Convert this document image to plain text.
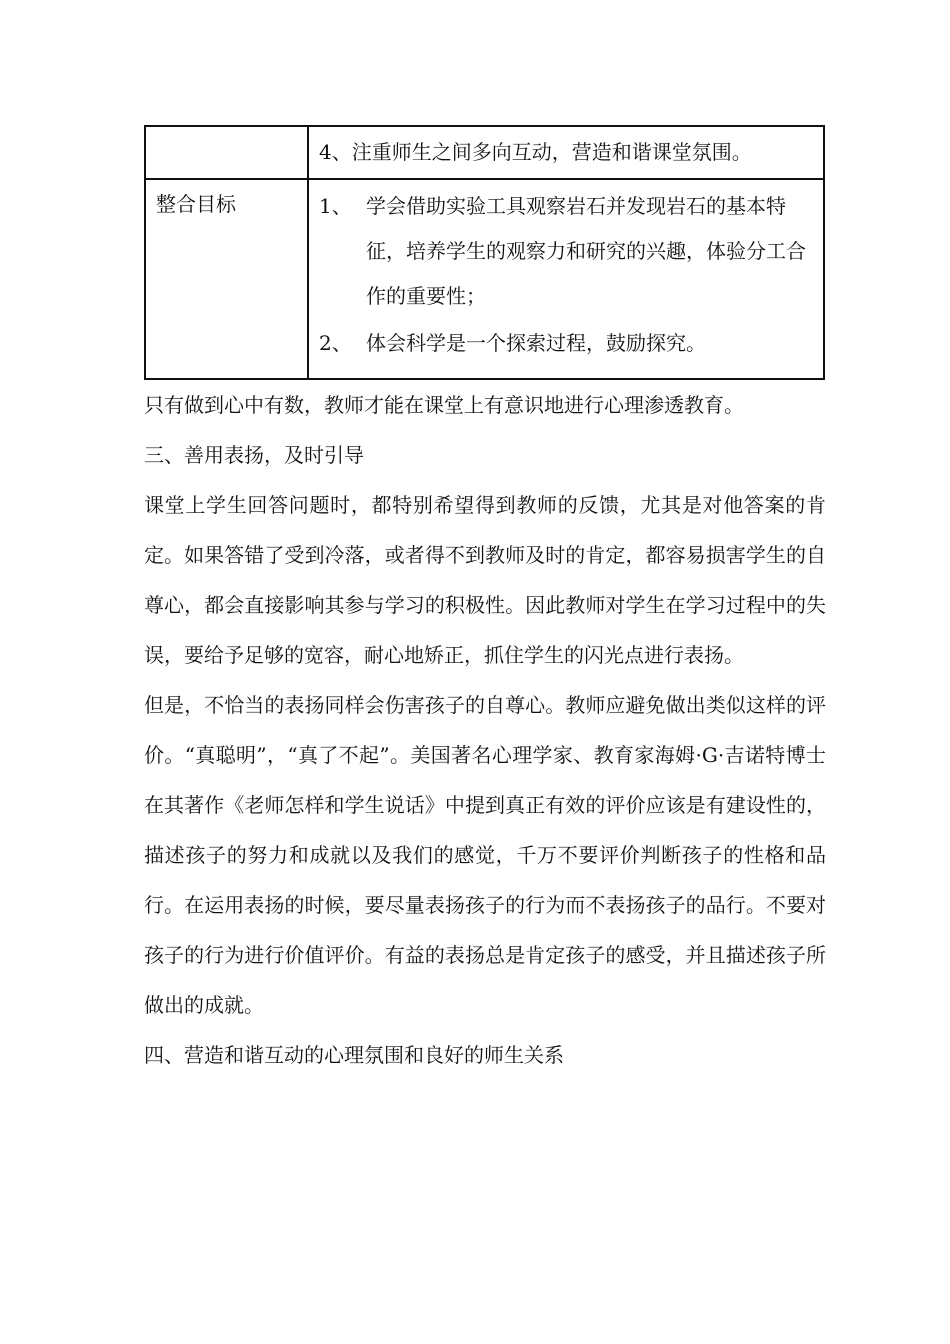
	4、注重师生之间多向互动，营造和谐课堂氛围。

整合目标	1、 学会借助实验工具观察岩石并发现岩石的基本特征，培养学生的观察力和研究的兴趣，体验分工合作的重要性；
2、 体会科学是一个探索过程，鼓励探究。

只有做到心中有数，教师才能在课堂上有意识地进行心理渗透教育。

三、善用表扬，及时引导

课堂上学生回答问题时，都特别希望得到教师的反馈，尤其是对他答案的肯定。如果答错了受到冷落，或者得不到教师及时的肯定，都容易损害学生的自尊心，都会直接影响其参与学习的积极性。因此教师对学生在学习过程中的失误，要给予足够的宽容，耐心地矫正，抓住学生的闪光点进行表扬。

但是，不恰当的表扬同样会伤害孩子的自尊心。教师应避免做出类似这样的评价。“真聪明”，“真了不起”。美国著名心理学家、教育家海姆·G·吉诺特博士在其著作《老师怎样和学生说话》中提到真正有效的评价应该是有建设性的，描述孩子的努力和成就以及我们的感觉，千万不要评价判断孩子的性格和品行。在运用表扬的时候，要尽量表扬孩子的行为而不表扬孩子的品行。不要对孩子的行为进行价值评价。有益的表扬总是肯定孩子的感受，并且描述孩子所做出的成就。

四、营造和谐互动的心理氛围和良好的师生关系
